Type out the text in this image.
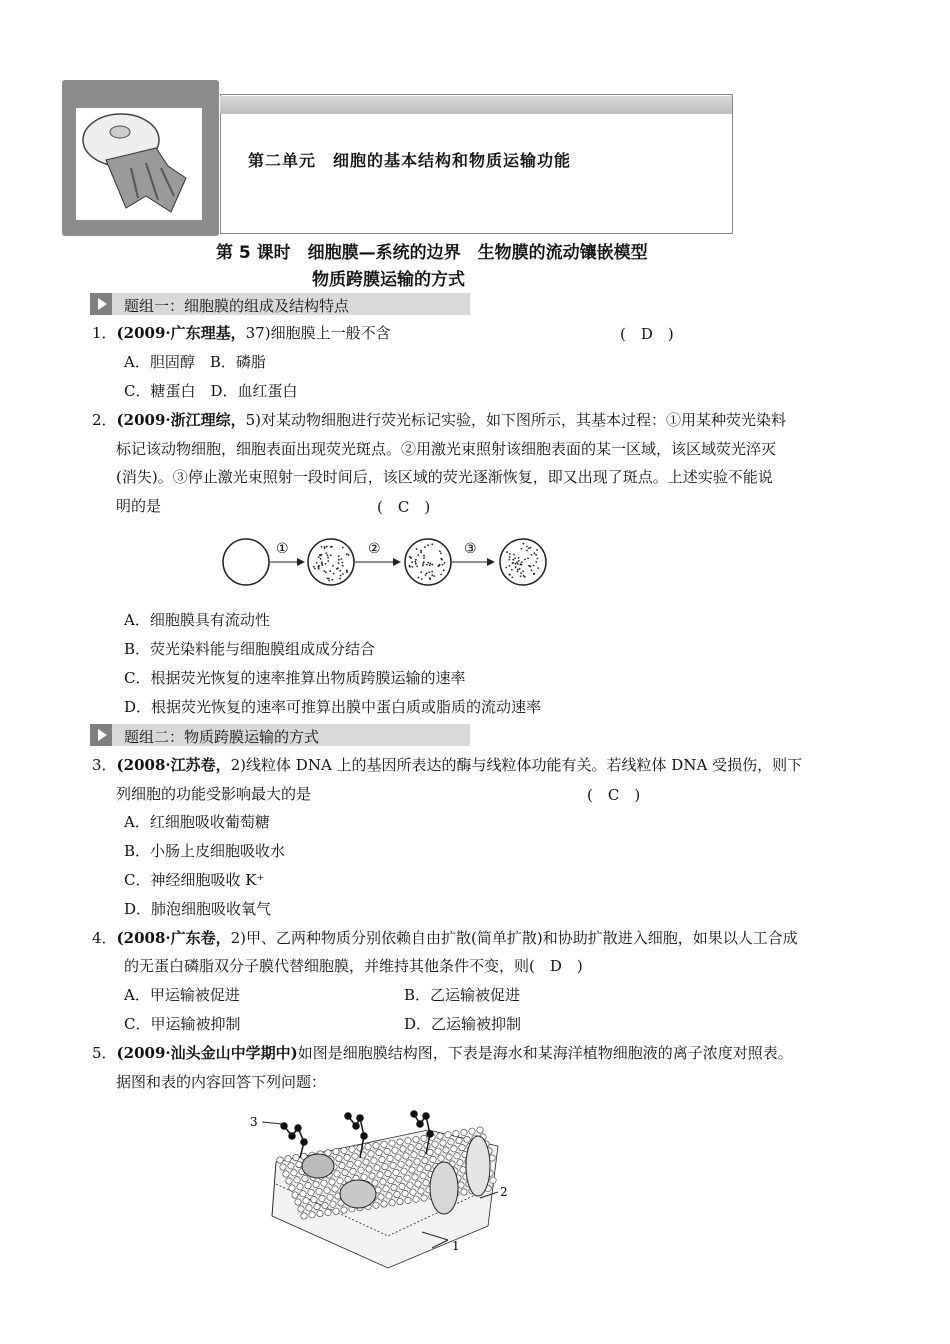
第二单元　细胞的基本结构和物质运输功能
第 5 课时　细胞膜—系统的边界　生物膜的流动镶嵌模型
物质跨膜运输的方式
题组一：细胞膜的组成及结构特点
1．(2009·广东理基，37)细胞膜上一般不含	(　D　)
A．胆固醇　B．磷脂
C．糖蛋白　D．血红蛋白
2．(2009·浙江理综，5)对某动物细胞进行荧光标记实验，如下图所示，其基本过程：①用某种荧光染料
标记该动物细胞，细胞表面出现荧光斑点。②用激光束照射该细胞表面的某一区域，该区域荧光淬灭
(消失)。③停止激光束照射一段时间后，该区域的荧光逐渐恢复，即又出现了斑点。上述实验不能说
明的是	(　C　)
①	②	③
A．细胞膜具有流动性
B．荧光染料能与细胞膜组成成分结合
C．根据荧光恢复的速率推算出物质跨膜运输的速率
D．根据荧光恢复的速率可推算出膜中蛋白质或脂质的流动速率
题组二：物质跨膜运输的方式
3．(2008·江苏卷，2)线粒体 DNA 上的基因所表达的酶与线粒体功能有关。若线粒体 DNA 受损伤，则下
列细胞的功能受影响最大的是	(　C　)
A．红细胞吸收葡萄糖
B．小肠上皮细胞吸收水
C．神经细胞吸收 K⁺
D．肺泡细胞吸收氧气
4．(2008·广东卷，2)甲、乙两种物质分别依赖自由扩散(简单扩散)和协助扩散进入细胞，如果以人工合成
的无蛋白磷脂双分子膜代替细胞膜，并维持其他条件不变，则(　D　)
A．甲运输被促进	B．乙运输被促进
C．甲运输被抑制	D．乙运输被抑制
5．(2009·汕头金山中学期中)如图是细胞膜结构图，下表是海水和某海洋植物细胞液的离子浓度对照表。
据图和表的内容回答下列问题：
3
2
1
